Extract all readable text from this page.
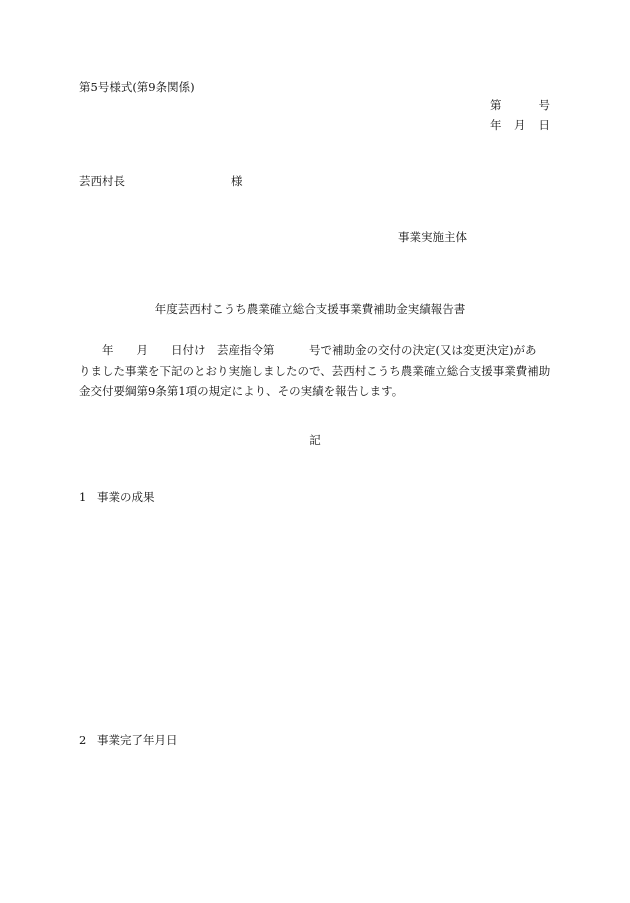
第5号様式(第9条関係)
第	号
年 月 日
芸西村長	様
事業実施主体
年度芸西村こうち農業確立総合支援事業費補助金実績報告書
　　年　　月　　日付け　芸産指令第　　　号で補助金の交付の決定(又は変更決定)があ
りました事業を下記のとおり実施しましたので、芸西村こうち農業確立総合支援事業費補助
金交付要綱第9条第1項の規定により、その実績を報告します。
記
1 事業の成果
2 事業完了年月日
